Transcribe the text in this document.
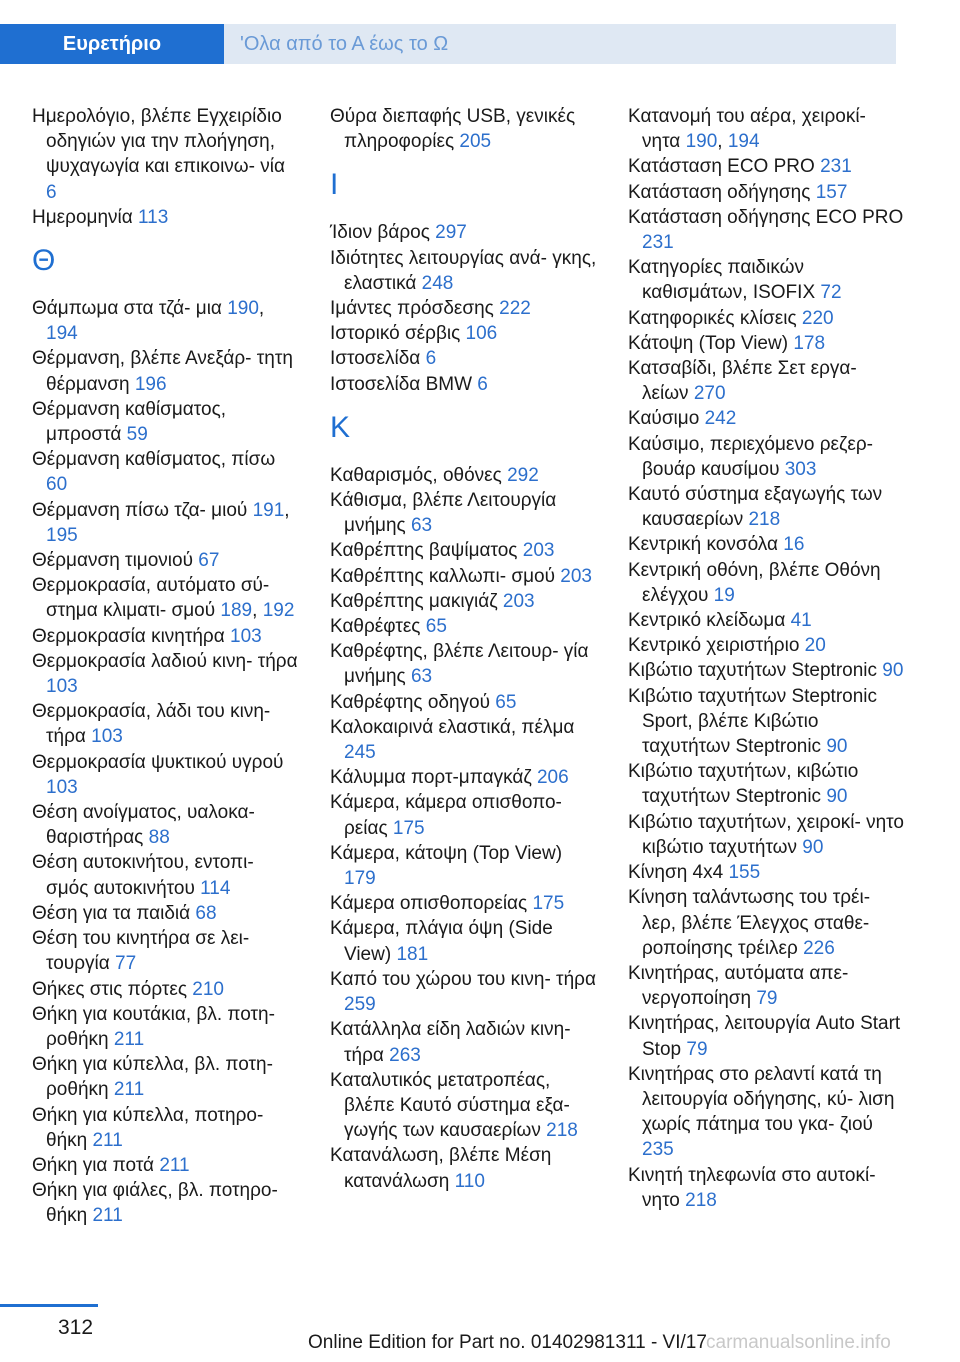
Ευρετήριο	'Ολα από το Α έως το Ω
Ημερολόγιο, βλέπε Εγχειρίδιο οδηγιών για την πλοήγηση, ψυχαγωγία και επικοινω‐ νία 6
Ημερομηνία 113
Θ
Θάμπωμα στα τζά‐ μια 190, 194
Θέρμανση, βλέπε Ανεξάρ‐ τητη θέρμανση 196
Θέρμανση καθίσματος, μπροστά 59
Θέρμανση καθίσματος, πίσω 60
Θέρμανση πίσω τζα‐ μιού 191, 195
Θέρμανση τιμονιού 67
Θερμοκρασία, αυτόματο σύ‐ στημα κλιματι‐ σμού 189, 192
Θερμοκρασία κινητήρα 103
Θερμοκρασία λαδιού κινη‐ τήρα 103
Θερμοκρασία, λάδι του κινη‐ τήρα 103
Θερμοκρασία ψυκτικού υγρού 103
Θέση ανοίγματος, υαλοκα‐ θαριστήρας 88
Θέση αυτοκινήτου, εντοπι‐ σμός αυτοκινήτου 114
Θέση για τα παιδιά 68
Θέση του κινητήρα σε λει‐ τουργία 77
Θήκες στις πόρτες 210
Θήκη για κουτάκια, βλ. ποτη‐ ροθήκη 211
Θήκη για κύπελλα, βλ. ποτη‐ ροθήκη 211
Θήκη για κύπελλα, ποτηρο‐ θήκη 211
Θήκη για ποτά 211
Θήκη για φιάλες, βλ. ποτηρο‐ θήκη 211
Θύρα διεπαφής USB, γενικές πληροφορίες 205
Ι
Ίδιον βάρος 297
Ιδιότητες λειτουργίας ανά‐ γκης, ελαστικά 248
Ιμάντες πρόσδεσης 222
Ιστορικό σέρβις 106
Ιστοσελίδα 6
Ιστοσελίδα BMW 6
Κ
Καθαρισμός, οθόνες 292
Κάθισμα, βλέπε Λειτουργία μνήμης 63
Καθρέπτης βαψίματος 203
Καθρέπτης καλλωπι‐ σμού 203
Καθρέπτης μακιγιάζ 203
Καθρέφτες 65
Καθρέφτης, βλέπε Λειτουρ‐ γία μνήμης 63
Καθρέφτης οδηγού 65
Καλοκαιρινά ελαστικά, πέλμα 245
Κάλυμμα πορτ-μπαγκάζ 206
Κάμερα, κάμερα οπισθοπο‐ ρείας 175
Κάμερα, κάτοψη (Top View) 179
Κάμερα οπισθοπορείας 175
Κάμερα, πλάγια όψη (Side View) 181
Καπό του χώρου του κινη‐ τήρα 259
Κατάλληλα είδη λαδιών κινη‐ τήρα 263
Καταλυτικός μετατροπέας, βλέπε Καυτό σύστημα εξα‐ γωγής των καυσαερίων 218
Κατανάλωση, βλέπε Μέση κατανάλωση 110
Κατανομή του αέρα, χειροκί‐ νητα 190, 194
Κατάσταση ECO PRO 231
Κατάσταση οδήγησης 157
Κατάσταση οδήγησης ECO PRO 231
Κατηγορίες παιδικών καθισμάτων, ISOFIX 72
Κατηφορικές κλίσεις 220
Κάτοψη (Top View) 178
Κατσαβίδι, βλέπε Σετ εργα‐ λείων 270
Καύσιμο 242
Καύσιμο, περιεχόμενο ρεζερ‐ βουάρ καυσίμου 303
Καυτό σύστημα εξαγωγής των καυσαερίων 218
Κεντρική κονσόλα 16
Κεντρική οθόνη, βλέπε Οθόνη ελέγχου 19
Κεντρικό κλείδωμα 41
Κεντρικό χειριστήριο 20
Κιβώτιο ταχυτήτων Steptronic 90
Κιβώτιο ταχυτήτων Steptronic Sport, βλέπε Κιβώτιο ταχυτήτων Steptronic 90
Κιβώτιο ταχυτήτων, κιβώτιο ταχυτήτων Steptronic 90
Κιβώτιο ταχυτήτων, χειροκί‐ νητο κιβώτιο ταχυτήτων 90
Κίνηση 4x4 155
Κίνηση ταλάντωσης του τρέι‐ λερ, βλέπε Έλεγχος σταθε‐ ροποίησης τρέιλερ 226
Κινητήρας, αυτόματα απε‐ νεργοποίηση 79
Κινητήρας, λειτουργία Auto Start Stop 79
Κινητήρας στο ρελαντί κατά τη λειτουργία οδήγησης, κύ‐ λιση χωρίς πάτημα του γκα‐ ζιού 235
Κινητή τηλεφωνία στο αυτοκί‐ νητο 218
312
Online Edition for Part no. 01402981311 - VI/17 carmanualsonline.info
